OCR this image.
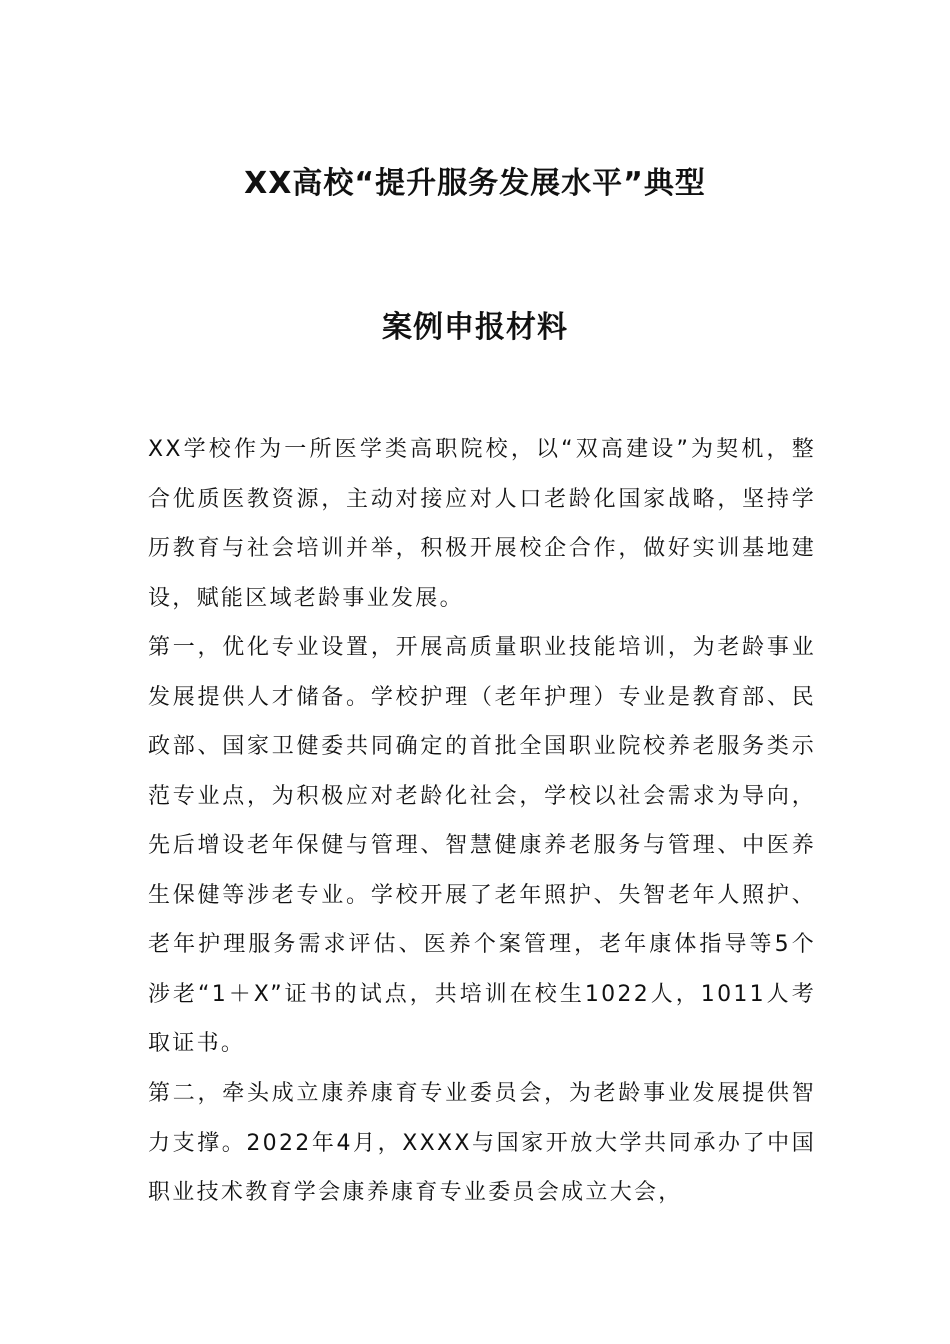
XX高校“提升服务发展水平”典型
案例申报材料

XX学校作为一所医学类高职院校，以“双高建设”为契机，整合优质医教资源，主动对接应对人口老龄化国家战略，坚持学历教育与社会培训并举，积极开展校企合作，做好实训基地建设，赋能区域老龄事业发展。

第一，优化专业设置，开展高质量职业技能培训，为老龄事业发展提供人才储备。学校护理（老年护理）专业是教育部、民政部、国家卫健委共同确定的首批全国职业院校养老服务类示范专业点，为积极应对老龄化社会，学校以社会需求为导向，先后增设老年保健与管理、智慧健康养老服务与管理、中医养生保健等涉老专业。学校开展了老年照护、失智老年人照护、老年护理服务需求评估、医养个案管理，老年康体指导等5个涉老“1＋X”证书的试点，共培训在校生1022人，1011人考取证书。

第二，牵头成立康养康育专业委员会，为老龄事业发展提供智力支撑。2022年4月，XXXX与国家开放大学共同承办了中国职业技术教育学会康养康育专业委员会成立大会，
